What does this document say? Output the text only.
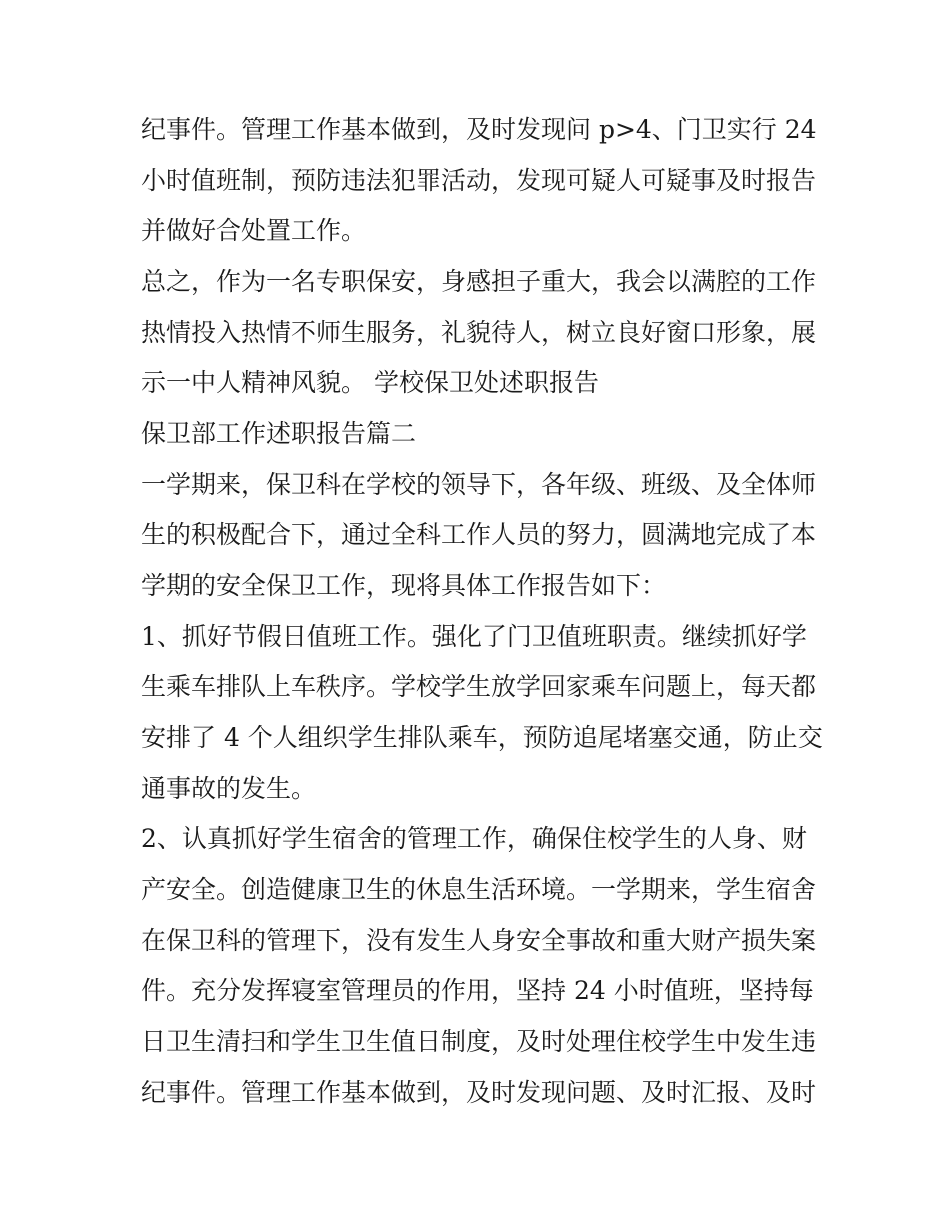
纪事件。管理工作基本做到，及时发现问 p>4、门卫实行 24
小时值班制，预防违法犯罪活动，发现可疑人可疑事及时报告
并做好合处置工作。
总之，作为一名专职保安，身感担子重大，我会以满腔的工作
热情投入热情不师生服务，礼貌待人，树立良好窗口形象，展
示一中人精神风貌。 学校保卫处述职报告
保卫部工作述职报告篇二
一学期来，保卫科在学校的领导下，各年级、班级、及全体师
生的积极配合下，通过全科工作人员的努力，圆满地完成了本
学期的安全保卫工作，现将具体工作报告如下：
1、抓好节假日值班工作。强化了门卫值班职责。继续抓好学
生乘车排队上车秩序。学校学生放学回家乘车问题上，每天都
安排了 4 个人组织学生排队乘车，预防追尾堵塞交通，防止交
通事故的发生。
2、认真抓好学生宿舍的管理工作，确保住校学生的人身、财
产安全。创造健康卫生的休息生活环境。一学期来，学生宿舍
在保卫科的管理下，没有发生人身安全事故和重大财产损失案
件。充分发挥寝室管理员的作用，坚持 24 小时值班，坚持每
日卫生清扫和学生卫生值日制度，及时处理住校学生中发生违
纪事件。管理工作基本做到，及时发现问题、及时汇报、及时
